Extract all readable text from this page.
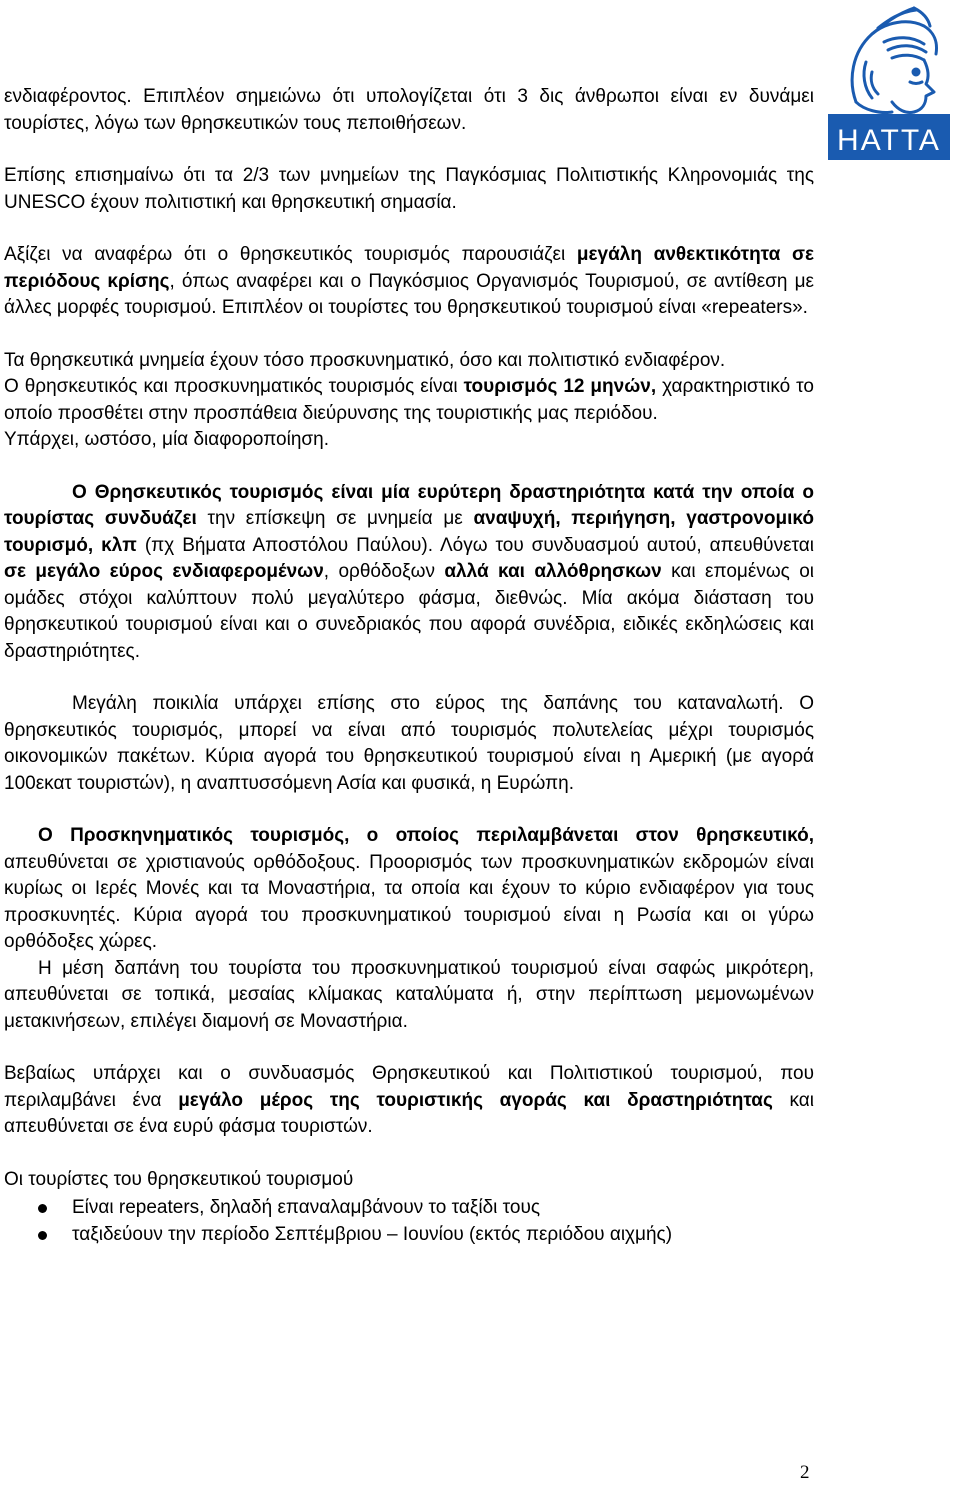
HATTA

ενδιαφέροντος. Επιπλέον σημειώνω ότι υπολογίζεται ότι 3 δις άνθρωποι είναι εν δυνάμει τουρίστες, λόγω των θρησκευτικών τους πεποιθήσεων.

Επίσης επισημαίνω ότι τα 2/3 των μνημείων της Παγκόσμιας Πολιτιστικής Κληρονομιάς της UNESCO έχουν πολιτιστική και θρησκευτική σημασία.

Αξίζει να αναφέρω ότι ο θρησκευτικός τουρισμός παρουσιάζει μεγάλη ανθεκτικότητα σε περιόδους κρίσης, όπως αναφέρει και ο Παγκόσμιος Οργανισμός Τουρισμού, σε αντίθεση με άλλες μορφές τουρισμού. Επιπλέον οι τουρίστες του θρησκευτικού τουρισμού είναι «repeaters».

Τα θρησκευτικά μνημεία έχουν τόσο προσκυνηματικό, όσο και πολιτιστικό ενδιαφέρον.

Ο θρησκευτικός και προσκυνηματικός τουρισμός είναι τουρισμός 12 μηνών, χαρακτηριστικό το οποίο προσθέτει στην προσπάθεια διεύρυνσης της τουριστικής μας περιόδου.

Υπάρχει, ωστόσο, μία διαφοροποίηση.

Ο Θρησκευτικός τουρισμός είναι μία ευρύτερη δραστηριότητα κατά την οποία ο τουρίστας συνδυάζει την επίσκεψη σε μνημεία με αναψυχή, περιήγηση, γαστρονομικό τουρισμό, κλπ (πχ Βήματα Αποστόλου Παύλου). Λόγω του συνδυασμού αυτού, απευθύνεται σε μεγάλο εύρος ενδιαφερομένων, ορθόδοξων αλλά και αλλόθρησκων και επομένως οι ομάδες στόχοι καλύπτουν πολύ μεγαλύτερο φάσμα, διεθνώς. Μία ακόμα διάσταση του θρησκευτικού τουρισμού είναι και ο συνεδριακός που αφορά συνέδρια, ειδικές εκδηλώσεις και δραστηριότητες.

Μεγάλη ποικιλία υπάρχει επίσης στο εύρος της δαπάνης του καταναλωτή. Ο θρησκευτικός τουρισμός, μπορεί να είναι από τουρισμός πολυτελείας μέχρι τουρισμός οικονομικών πακέτων. Κύρια αγορά του θρησκευτικού τουρισμού είναι η Αμερική (με αγορά 100εκατ τουριστών), η αναπτυσσόμενη Ασία και φυσικά, η Ευρώπη.

Ο Προσκηνηματικός τουρισμός, ο οποίος περιλαμβάνεται στον θρησκευτικό, απευθύνεται σε χριστιανούς ορθόδοξους. Προορισμός των προσκυνηματικών εκδρομών είναι κυρίως οι Ιερές Μονές και τα Μοναστήρια, τα οποία και έχουν το κύριο ενδιαφέρον για τους προσκυνητές. Κύρια αγορά του προσκυνηματικού τουρισμού είναι η Ρωσία και οι γύρω ορθόδοξες χώρες.

Η μέση δαπάνη του τουρίστα του προσκυνηματικού τουρισμού είναι σαφώς μικρότερη, απευθύνεται σε τοπικά, μεσαίας κλίμακας καταλύματα ή, στην περίπτωση μεμονωμένων μετακινήσεων, επιλέγει διαμονή σε Μοναστήρια.

Βεβαίως υπάρχει και ο συνδυασμός Θρησκευτικού και Πολιτιστικού τουρισμού, που περιλαμβάνει ένα μεγάλο μέρος της τουριστικής αγοράς και δραστηριότητας και απευθύνεται σε ένα ευρύ φάσμα τουριστών.

Οι τουρίστες του θρησκευτικού τουρισμού

Είναι repeaters, δηλαδή επαναλαμβάνουν το ταξίδι τους
ταξιδεύουν την περίοδο Σεπτέμβριου – Ιουνίου (εκτός περιόδου αιχμής)
2
